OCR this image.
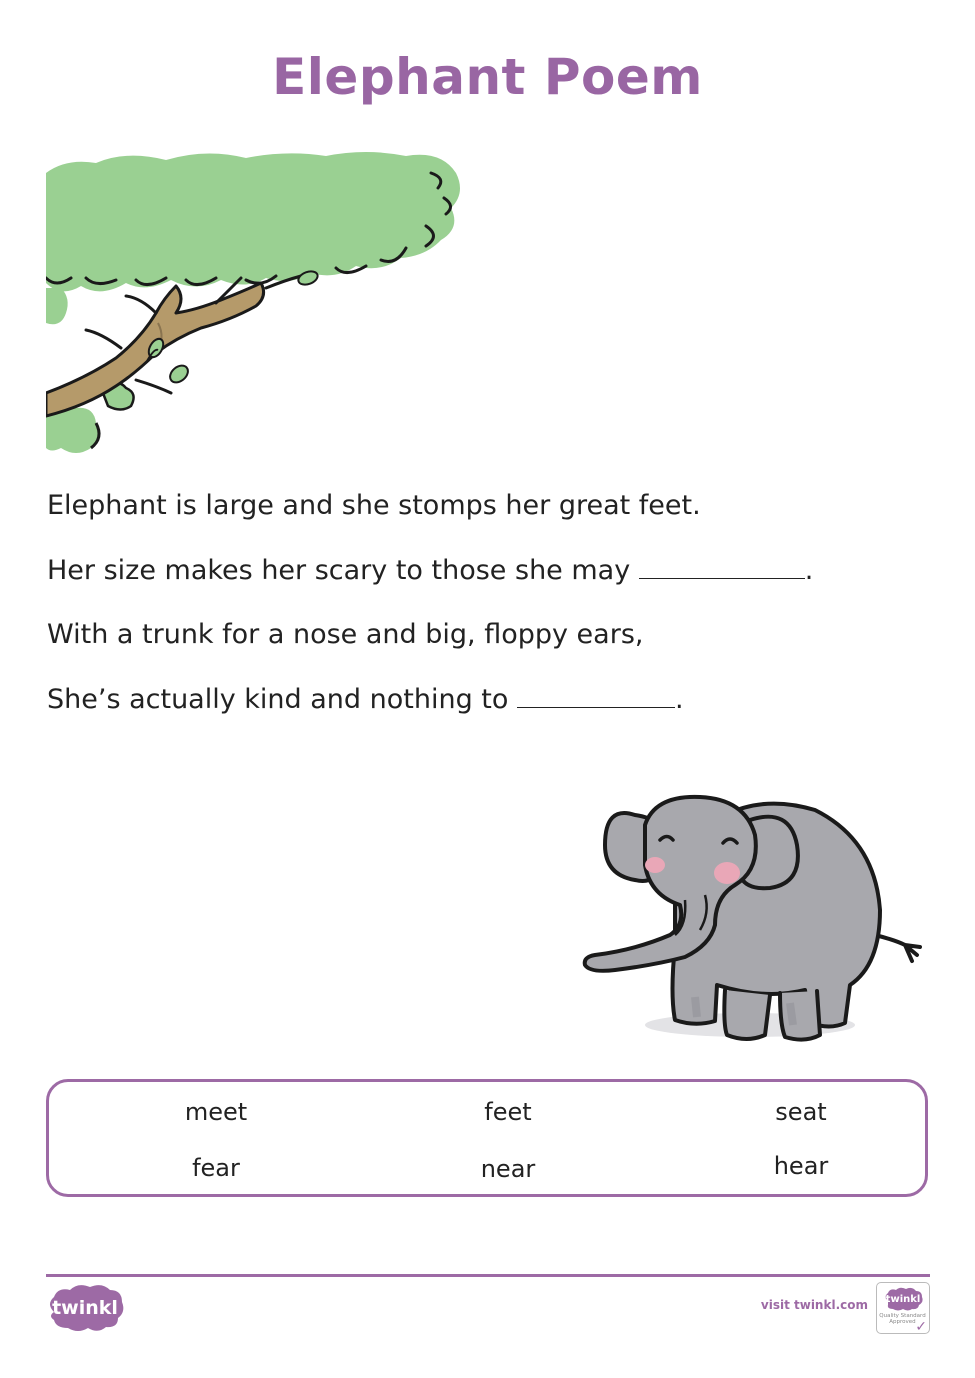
Elephant Poem
Elephant is large and she stomps her great feet.
Her size makes her scary to those she may	.
With a trunk for a nose and big, floppy ears,
She’s actually kind and nothing to	.
meet	feet	seat
fear	near	hear
twinkl	visit twinkl.com twinkl
Quality Standard
Approved ✓
